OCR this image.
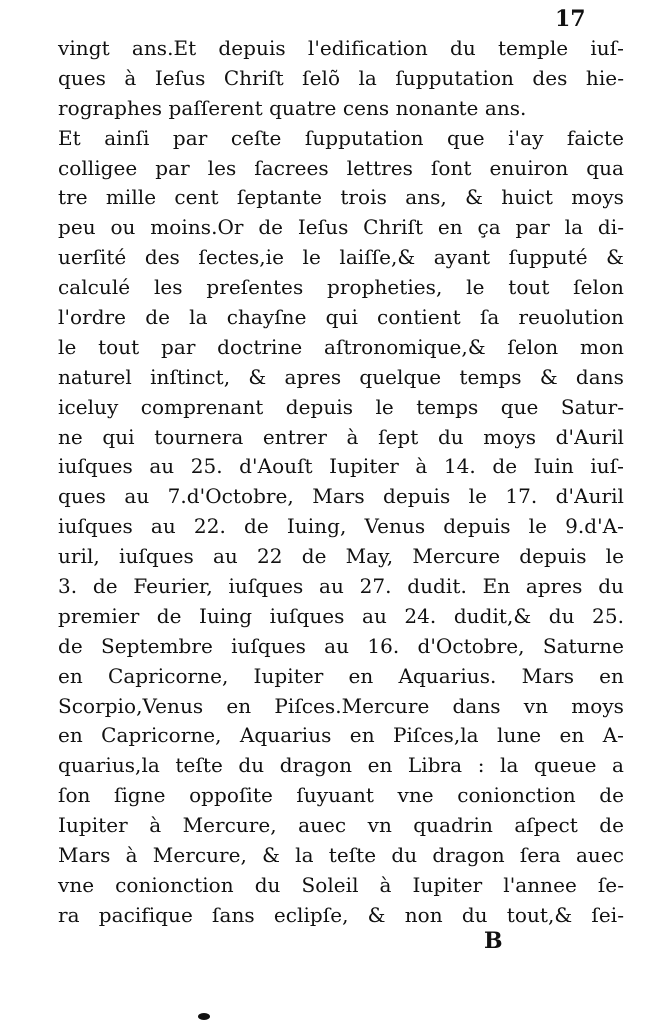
17
vingt ans.Et depuis l'edification du temple iuſ-
ques à Ieſus Chriſt ſelõ la ſupputation des hie-
rographes paſſerent quatre cens nonante ans.
Et ainſi par ceſte ſupputation que i'ay faicte
colligee par les ſacrees lettres ſont enuiron qua
tre mille cent ſeptante trois ans, & huict moys
peu ou moins.Or de Ieſus Chriſt en ça par la di-
uerſité des ſectes,ie le laiſſe,& ayant ſupputé &
calculé les preſentes propheties, le tout ſelon
l'ordre de la chayſne qui contient ſa reuolution
le tout par doctrine aſtronomique,& ſelon mon
naturel inſtinct, & apres quelque temps & dans
iceluy comprenant depuis le temps que Satur-
ne qui tournera entrer à ſept du moys d'Auril
iuſques au 25. d'Aouſt Iupiter à 14. de Iuin iuſ-
ques au 7.d'Octobre, Mars depuis le 17. d'Auril
iuſques au 22. de Iuing, Venus depuis le 9.d'A-
uril, iuſques au 22 de May, Mercure depuis le
3. de Feurier, iuſques au 27. dudit. En apres du
premier de Iuing iuſques au 24. dudit,& du 25.
de Septembre iuſques au 16. d'Octobre, Saturne
en Capricorne, Iupiter en Aquarius. Mars en
Scorpio,Venus en Piſces.Mercure dans vn moys
en Capricorne, Aquarius en Piſces,la lune en A-
quarius,la teſte du dragon en Libra : la queue a
ſon ſigne oppoſite ſuyuant vne conionction de
Iupiter à Mercure, auec vn quadrin aſpect de
Mars à Mercure, & la teſte du dragon ſera auec
vne conionction du Soleil à Iupiter l'annee ſe-
ra pacifique ſans eclipſe, & non du tout,& ſei-
B
